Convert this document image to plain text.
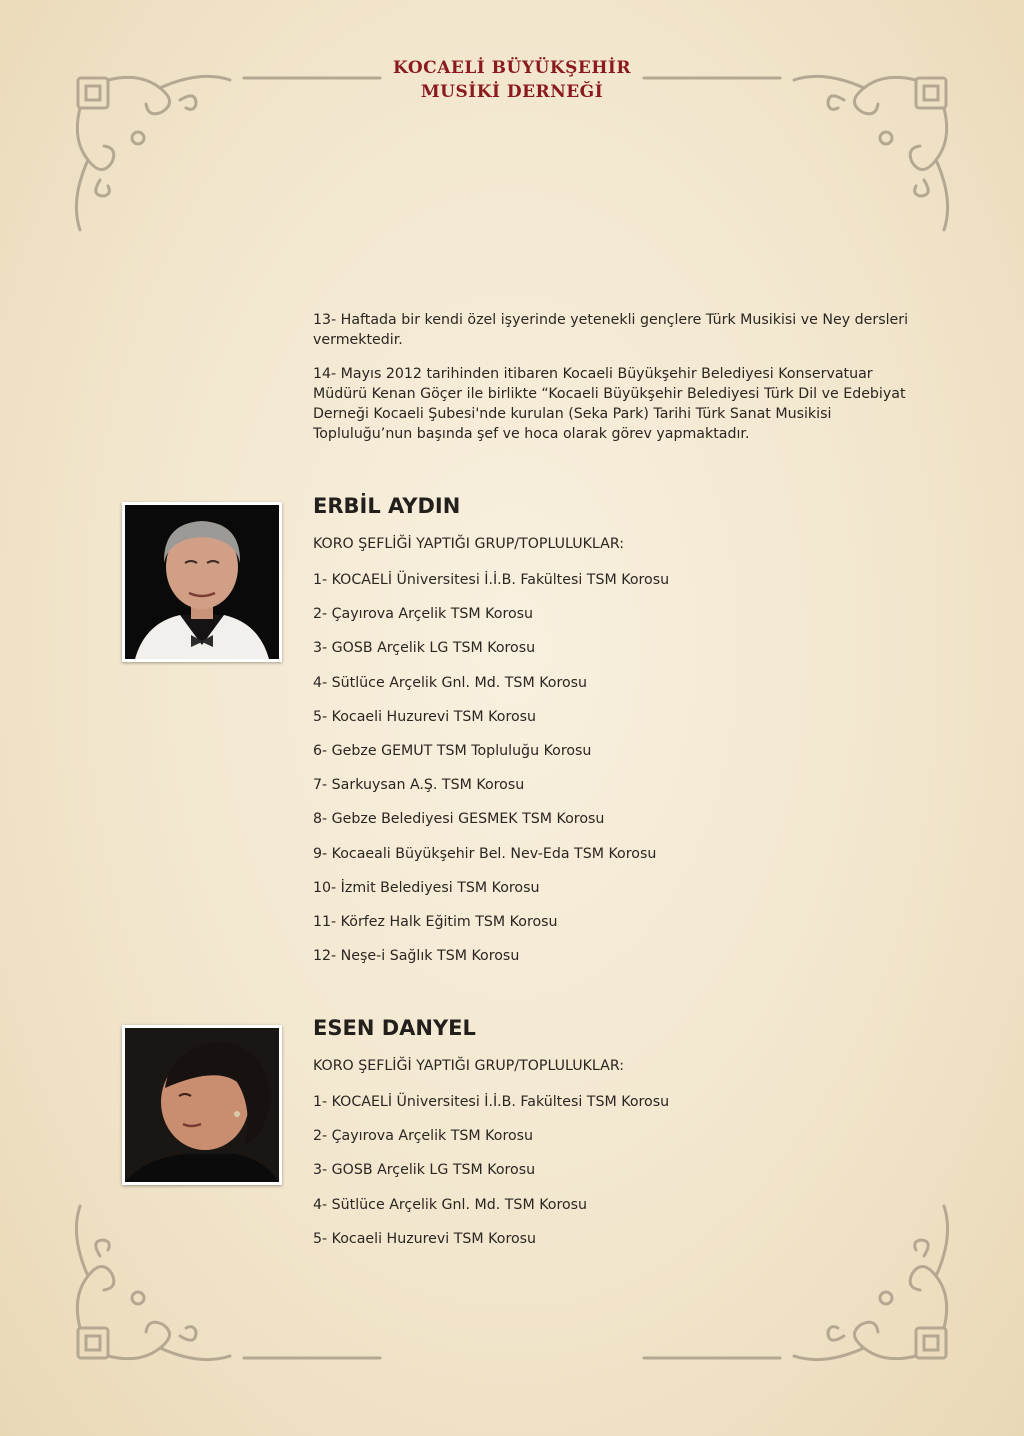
KOCAELİ BÜYÜKŞEHİR
MUSİKİ DERNEĞİ

13- Haftada bir kendi özel işyerinde yetenekli gençlere Türk Musikisi ve Ney dersleri vermektedir.

14- Mayıs 2012 tarihinden itibaren Kocaeli Büyükşehir Belediyesi Konservatuar Müdürü Kenan Göçer ile birlikte “Kocaeli Büyükşehir Belediyesi Türk Dil ve Edebiyat Derneği Kocaeli Şubesi'nde kurulan (Seka Park) Tarihi Türk Sanat Musikisi Topluluğu’nun başında şef ve hoca olarak görev yapmaktadır.

ERBİL AYDIN

KORO ŞEFLİĞİ YAPTIĞI GRUP/TOPLULUKLAR:

1- KOCAELİ Üniversitesi İ.İ.B. Fakültesi TSM Korosu
2- Çayırova Arçelik TSM Korosu
3- GOSB Arçelik LG TSM Korosu
4- Sütlüce Arçelik Gnl. Md. TSM Korosu
5- Kocaeli Huzurevi TSM Korosu
6- Gebze GEMUT TSM Topluluğu Korosu
7- Sarkuysan A.Ş. TSM Korosu
8- Gebze Belediyesi GESMEK TSM Korosu
9- Kocaeali Büyükşehir Bel. Nev-Eda TSM Korosu
10- İzmit Belediyesi TSM Korosu
11- Körfez Halk Eğitim TSM Korosu
12- Neşe-i Sağlık TSM Korosu
ESEN DANYEL

KORO ŞEFLİĞİ YAPTIĞI GRUP/TOPLULUKLAR:

1- KOCAELİ Üniversitesi İ.İ.B. Fakültesi TSM Korosu
2- Çayırova Arçelik TSM Korosu
3- GOSB Arçelik LG TSM Korosu
4- Sütlüce Arçelik Gnl. Md. TSM Korosu
5- Kocaeli Huzurevi TSM Korosu
